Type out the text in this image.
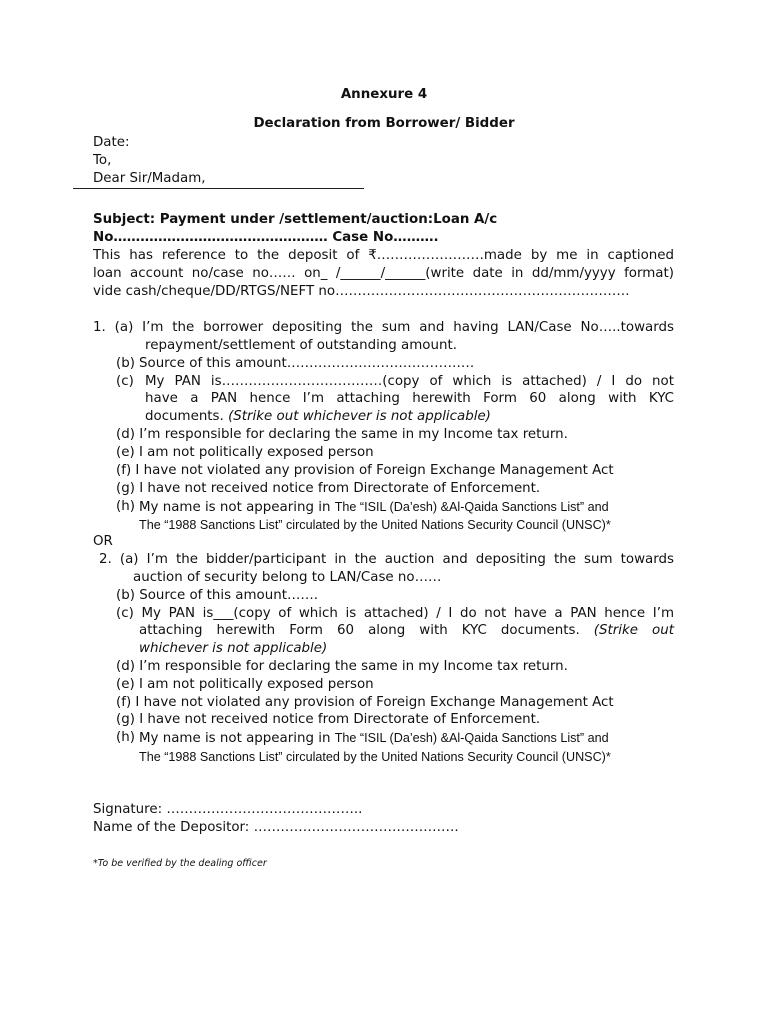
Annexure 4
Declaration from Borrower/ Bidder
Date:
To,
Dear Sir/Madam,
Subject: Payment under /settlement/auction:Loan A/c
No………………………………………… Case No……….
This has reference to the deposit of ₹……………………made by me in captioned
loan account no/case no…… on_ /______/______(write date in dd/mm/yyyy format)
vide cash/cheque/DD/RTGS/NEFT no…………………………………………………………
1. (a) I’m the borrower depositing the sum and having LAN/Case No…..towards
repayment/settlement of outstanding amount.
(b) Source of this amount……………………………………
(c) My PAN is………………………………(copy of which is attached) / I do not
have a PAN hence I’m attaching herewith Form 60 along with KYC
documents. (Strike out whichever is not applicable)
(d) I’m responsible for declaring the same in my Income tax return.
(e) I am not politically exposed person
(f) I have not violated any provision of Foreign Exchange Management Act
(g) I have not received notice from Directorate of Enforcement.
(h) My name is not appearing in The “ISIL (Da’esh) &Al-Qaida Sanctions List” and
The “1988 Sanctions List” circulated by the United Nations Security Council (UNSC)*
OR
2. (a) I’m the bidder/participant in the auction and depositing the sum towards
auction of security belong to LAN/Case no……
(b) Source of this amount…….
(c) My PAN is___(copy of which is attached) / I do not have a PAN hence I’m
attaching herewith Form 60 along with KYC documents. (Strike out
whichever is not applicable)
(d) I’m responsible for declaring the same in my Income tax return.
(e) I am not politically exposed person
(f) I have not violated any provision of Foreign Exchange Management Act
(g) I have not received notice from Directorate of Enforcement.
(h) My name is not appearing in The “ISIL (Da’esh) &Al-Qaida Sanctions List” and
The “1988 Sanctions List” circulated by the United Nations Security Council (UNSC)*
Signature: ……………………………………..
Name of the Depositor: ……………………………………….
*To be verified by the dealing officer
